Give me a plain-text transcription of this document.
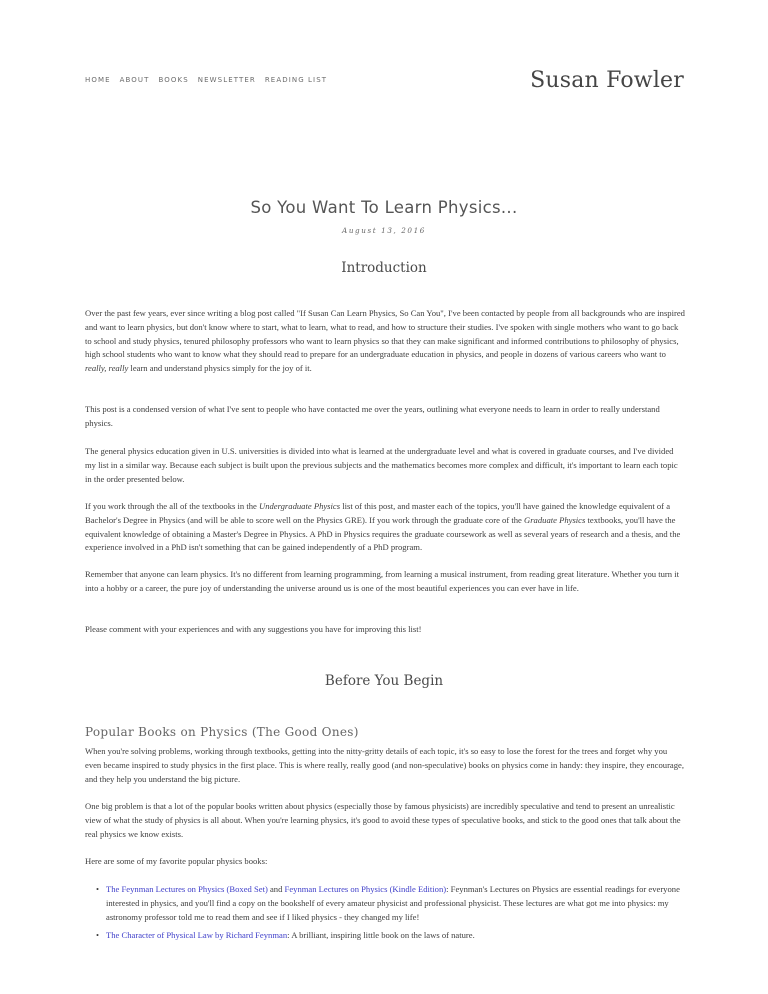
HOME ABOUT BOOKS NEWSLETTER READING LIST	Susan Fowler
So You Want To Learn Physics...
August 13, 2016
Introduction

Over the past few years, ever since writing a blog post called "If Susan Can Learn Physics, So Can You", I've been contacted by people from all backgrounds who are inspired and want to learn physics, but don't know where to start, what to learn, what to read, and how to structure their studies. I've spoken with single mothers who want to go back to school and study physics, tenured philosophy professors who want to learn physics so that they can make significant and informed contributions to philosophy of physics, high school students who want to know what they should read to prepare for an undergraduate education in physics, and people in dozens of various careers who want to really, really learn and understand physics simply for the joy of it.

This post is a condensed version of what I've sent to people who have contacted me over the years, outlining what everyone needs to learn in order to really understand physics.

The general physics education given in U.S. universities is divided into what is learned at the undergraduate level and what is covered in graduate courses, and I've divided my list in a similar way. Because each subject is built upon the previous subjects and the mathematics becomes more complex and difficult, it's important to learn each topic in the order presented below.

If you work through the all of the textbooks in the Undergraduate Physics list of this post, and master each of the topics, you'll have gained the knowledge equivalent of a Bachelor's Degree in Physics (and will be able to score well on the Physics GRE). If you work through the graduate core of the Graduate Physics textbooks, you'll have the equivalent knowledge of obtaining a Master's Degree in Physics. A PhD in Physics requires the graduate coursework as well as several years of research and a thesis, and the experience involved in a PhD isn't something that can be gained independently of a PhD program.

Remember that anyone can learn physics. It's no different from learning programming, from learning a musical instrument, from reading great literature. Whether you turn it into a hobby or a career, the pure joy of understanding the universe around us is one of the most beautiful experiences you can ever have in life.

Please comment with your experiences and with any suggestions you have for improving this list!

Before You Begin
Popular Books on Physics (The Good Ones)

When you're solving problems, working through textbooks, getting into the nitty-gritty details of each topic, it's so easy to lose the forest for the trees and forget why you even became inspired to study physics in the first place. This is where really, really good (and non-speculative) books on physics come in handy: they inspire, they encourage, and they help you understand the big picture.

One big problem is that a lot of the popular books written about physics (especially those by famous physicists) are incredibly speculative and tend to present an unrealistic view of what the study of physics is all about. When you're learning physics, it's good to avoid these types of speculative books, and stick to the good ones that talk about the real physics we know exists.

Here are some of my favorite popular physics books:

• The Feynman Lectures on Physics (Boxed Set) and Feynman Lectures on Physics (Kindle Edition): Feynman's Lectures on Physics are essential readings for everyone interested in physics, and you'll find a copy on the bookshelf of every amateur physicist and professional physicist. These lectures are what got me into physics: my astronomy professor told me to read them and see if I liked physics - they changed my life!
• The Character of Physical Law by Richard Feynman: A brilliant, inspiring little book on the laws of nature.
